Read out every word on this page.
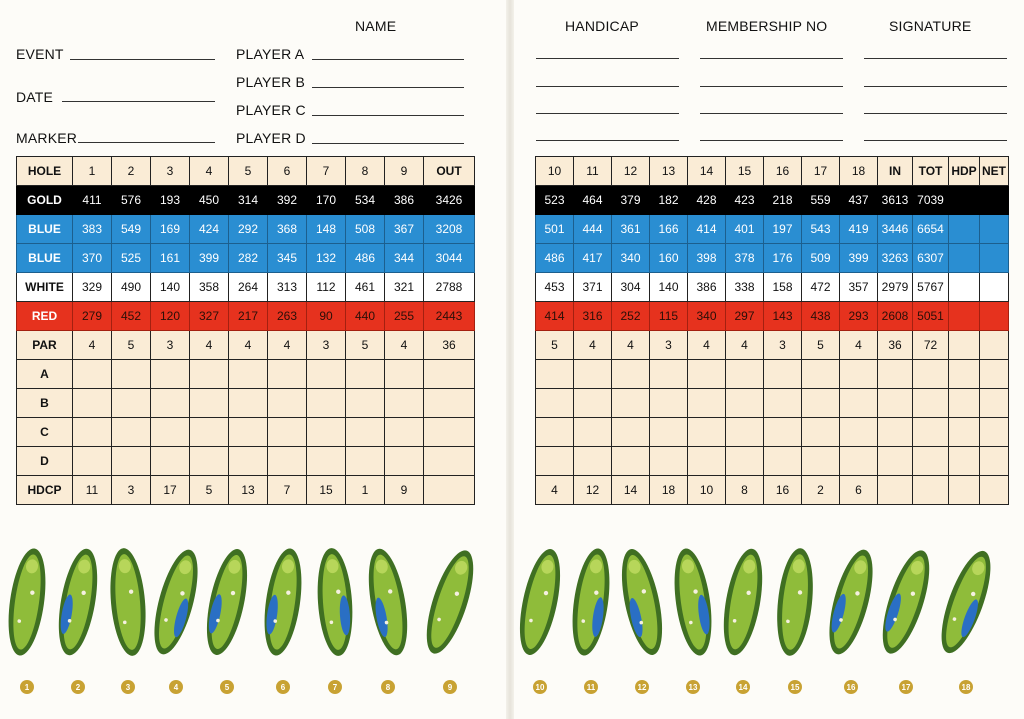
NAME
EVENT
DATE
MARKER
PLAYER A
PLAYER B
PLAYER C
PLAYER D
HOLE	1	2	3	4	5	6	7	8	9	OUT
GOLD	411	576	193	450	314	392	170	534	386	3426
BLUE	383	549	169	424	292	368	148	508	367	3208
BLUE	370	525	161	399	282	345	132	486	344	3044
WHITE	329	490	140	358	264	313	112	461	321	2788
RED	279	452	120	327	217	263	90	440	255	2443
PAR	4	5	3	4	4	4	3	5	4	36
A										
B										
C										
D										
HDCP	11	3	17	5	13	7	15	1	9	
1	2	3	4	5	6	7	8	9
HANDICAP	MEMBERSHIP NO	SIGNATURE
10	11	12	13	14	15	16	17	18	IN	TOT	HDP	NET
523	464	379	182	428	423	218	559	437	3613	7039		
501	444	361	166	414	401	197	543	419	3446	6654		
486	417	340	160	398	378	176	509	399	3263	6307		
453	371	304	140	386	338	158	472	357	2979	5767		
414	316	252	115	340	297	143	438	293	2608	5051		
5	4	4	3	4	4	3	5	4	36	72		

4	12	14	18	10	8	16	2	6				
10	11	12	13	14	15	16	17	18
